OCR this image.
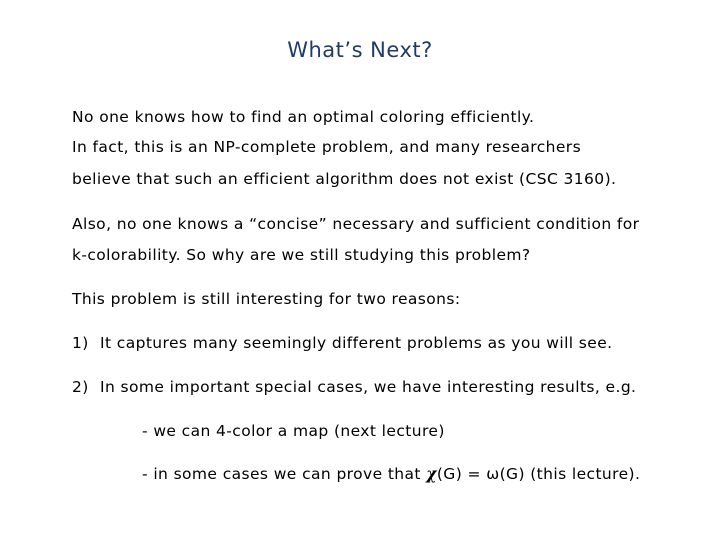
What’s Next?
No one knows how to find an optimal coloring efficiently.
In fact, this is an NP-complete problem, and many researchers
believe that such an efficient algorithm does not exist (CSC 3160).
Also, no one knows a “concise” necessary and sufficient condition for
k-colorability. So why are we still studying this problem?
This problem is still interesting for two reasons:
1) It captures many seemingly different problems as you will see.
2) In some important special cases, we have interesting results, e.g.
- we can 4-color a map (next lecture)
- in some cases we can prove that χ(G) = ω(G) (this lecture).
